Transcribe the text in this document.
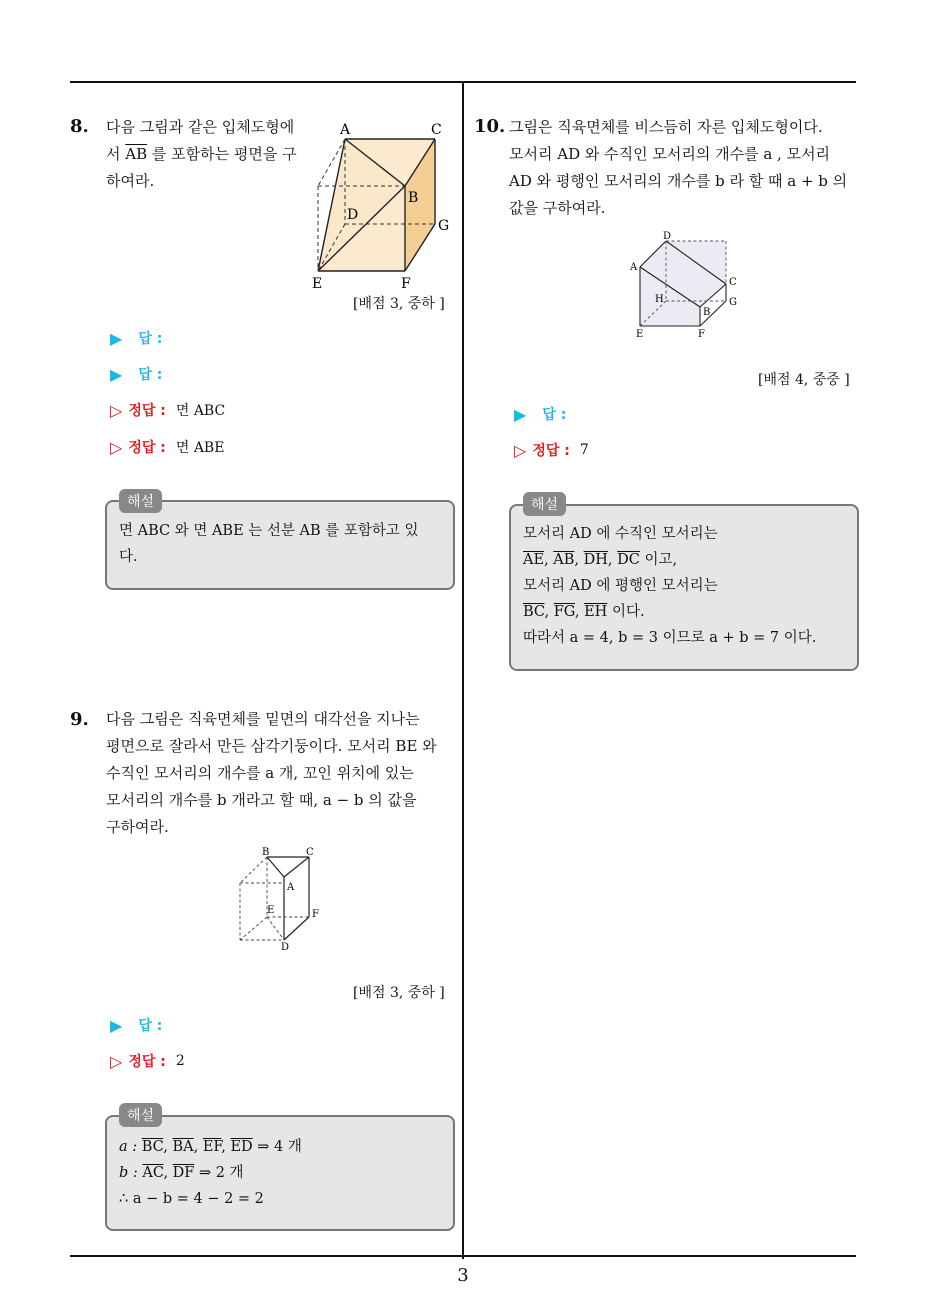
8. 다음 그림과 같은 입체도형에
서 $\overline{AB}$ 를 포함하는 평면을 구
하여라.
A	C
B
D
G
E	F
[배점 3, 중하 ]
▶ 답 :
▶ 답 :
▷ 정답 : 면 ABC
▷ 정답 : 면 ABE
해설
면 ABC 와 면 ABE 는 선분 AB 를 포함하고 있
다.
9. 다음 그림은 직육면체를 밑면의 대각선을 지나는
평면으로 잘라서 만든 삼각기둥이다. 모서리 BE 와
수직인 모서리의 개수를 a 개, 꼬인 위치에 있는
모서리의 개수를 b 개라고 할 때, a − b 의 값을
구하여라.
B	C
A
E	F
D
[배점 3, 중하 ]
▶ 답 :
▷ 정답 : 2
해설
a : $\overline{BC}$, $\overline{BA}$, $\overline{EF}$, $\overline{ED}$ ⇒ 4 개
b : $\overline{AC}$, $\overline{DF}$ ⇒ 2 개
∴ a − b = 4 − 2 = 2
10. 그림은 직육면체를 비스듬히 자른 입체도형이다.
모서리 AD 와 수직인 모서리의 개수를 a , 모서리
AD 와 평행인 모서리의 개수를 b 라 할 때 a + b 의
값을 구하여라.
D
A
C
H	G
B
E	F
[배점 4, 중중 ]
▶ 답 :
▷ 정답 : 7
해설
모서리 AD 에 수직인 모서리는
$\overline{AE}$, $\overline{AB}$, $\overline{DH}$, $\overline{DC}$ 이고,
모서리 AD 에 평행인 모서리는
$\overline{BC}$, $\overline{FG}$, $\overline{EH}$ 이다.
따라서 a = 4, b = 3 이므로 a + b = 7 이다.
3
